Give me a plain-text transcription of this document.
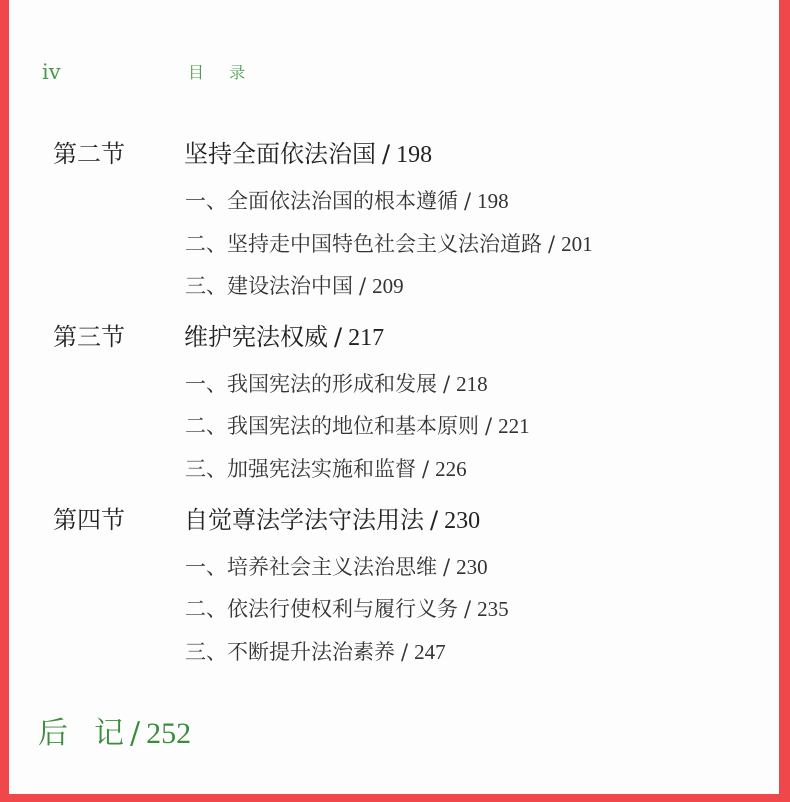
iv	目 录
第二节 坚持全面依法治国 / 198
一、全面依法治国的根本遵循 / 198
二、坚持走中国特色社会主义法治道路 / 201
三、建设法治中国 / 209
第三节 维护宪法权威 / 217
一、我国宪法的形成和发展 / 218
二、我国宪法的地位和基本原则 / 221
三、加强宪法实施和监督 / 226
第四节 自觉尊法学法守法用法 / 230
一、培养社会主义法治思维 / 230
二、依法行使权利与履行义务 / 235
三、不断提升法治素养 / 247
后 记 / 252
